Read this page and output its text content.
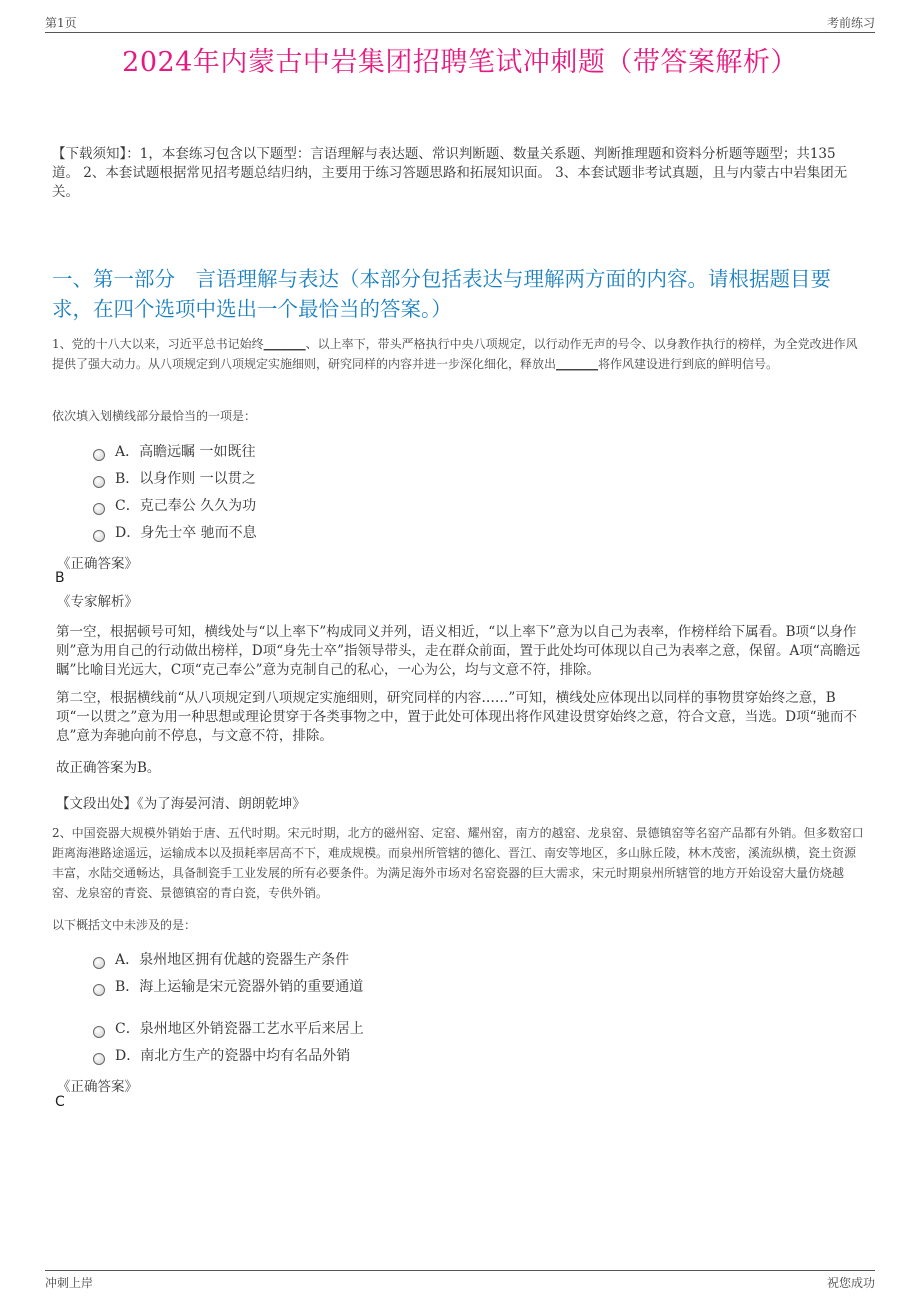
第1页	考前练习
2024年内蒙古中岩集团招聘笔试冲刺题（带答案解析）
【下载须知】：1，本套练习包含以下题型：言语理解与表达题、常识判断题、数量关系题、判断推理题和资料分析题等题型；共135道。 2、本套试题根据常见招考题总结归纳，主要用于练习答题思路和拓展知识面。 3、本套试题非考试真题，且与内蒙古中岩集团无关。
一、第一部分　言语理解与表达（本部分包括表达与理解两方面的内容。请根据题目要求，在四个选项中选出一个最恰当的答案。）
1、党的十八大以来，习近平总书记始终_______、以上率下，带头严格执行中央八项规定，以行动作无声的号令、以身教作执行的榜样，为全党改进作风提供了强大动力。从八项规定到八项规定实施细则，研究同样的内容并进一步深化细化，释放出_______将作风建设进行到底的鲜明信号。
依次填入划横线部分最恰当的一项是：
A．高瞻远瞩 一如既往
B．以身作则 一以贯之
C．克己奉公 久久为功
D．身先士卒 驰而不息
《正确答案》
B
《专家解析》
第一空，根据顿号可知，横线处与“以上率下”构成同义并列，语义相近，“以上率下”意为以自己为表率，作榜样给下属看。B项“以身作则”意为用自己的行动做出榜样，D项“身先士卒”指领导带头，走在群众前面，置于此处均可体现以自己为表率之意，保留。A项“高瞻远瞩”比喻目光远大，C项“克己奉公”意为克制自己的私心，一心为公，均与文意不符，排除。
第二空，根据横线前“从八项规定到八项规定实施细则，研究同样的内容……”可知，横线处应体现出以同样的事物贯穿始终之意，B项“一以贯之”意为用一种思想或理论贯穿于各类事物之中，置于此处可体现出将作风建设贯穿始终之意，符合文意，当选。D项“驰而不息”意为奔驰向前不停息，与文意不符，排除。
故正确答案为B。
【文段出处】《为了海晏河清、朗朗乾坤》
2、中国瓷器大规模外销始于唐、五代时期。宋元时期，北方的磁州窑、定窑、耀州窑，南方的越窑、龙泉窑、景德镇窑等名窑产品都有外销。但多数窑口距离海港路途遥远，运输成本以及损耗率居高不下，难成规模。而泉州所管辖的德化、晋江、南安等地区，多山脉丘陵，林木茂密，溪流纵横，瓷土资源丰富，水陆交通畅达，具备制瓷手工业发展的所有必要条件。为满足海外市场对名窑瓷器的巨大需求，宋元时期泉州所辖管的地方开始设窑大量仿烧越窑、龙泉窑的青瓷、景德镇窑的青白瓷，专供外销。
以下概括文中未涉及的是：
A．泉州地区拥有优越的瓷器生产条件
B．海上运输是宋元瓷器外销的重要通道
C．泉州地区外销瓷器工艺水平后来居上
D．南北方生产的瓷器中均有名品外销
《正确答案》
C
冲刺上岸	祝您成功
